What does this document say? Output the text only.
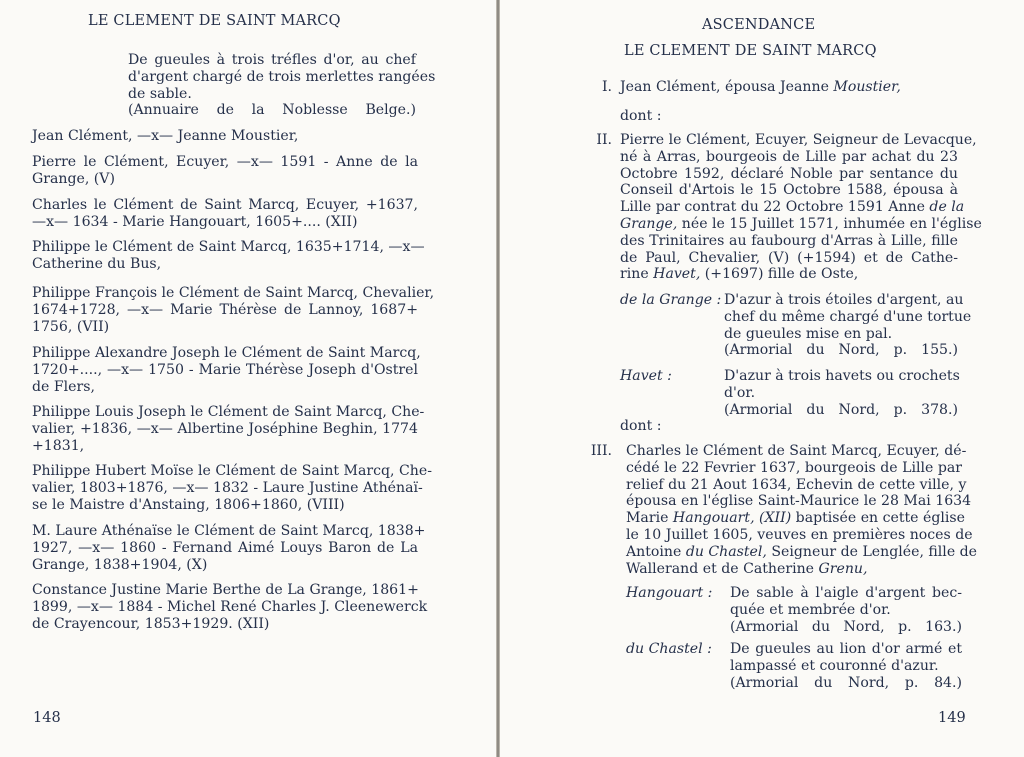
LE CLEMENT DE SAINT MARCQ
De gueules à trois tréfles d'or, au chef
d'argent chargé de trois merlettes rangées
de sable.
(Annuaire de la Noblesse Belge.)
Jean Clément, —x— Jeanne Moustier,
Pierre le Clément, Ecuyer, —x— 1591 - Anne de la
Grange, (V)
Charles le Clément de Saint Marcq, Ecuyer, +1637,
—x— 1634 - Marie Hangouart, 1605+.... (XII)
Philippe le Clément de Saint Marcq, 1635+1714, —x—
Catherine du Bus,
Philippe François le Clément de Saint Marcq, Chevalier,
1674+1728, —x— Marie Thérèse de Lannoy, 1687+
1756, (VII)
Philippe Alexandre Joseph le Clément de Saint Marcq,
1720+...., —x— 1750 - Marie Thérèse Joseph d'Ostrel
de Flers,
Philippe Louis Joseph le Clément de Saint Marcq, Che-
valier, +1836, —x— Albertine Joséphine Beghin, 1774
+1831,
Philippe Hubert Moïse le Clément de Saint Marcq, Che-
valier, 1803+1876, —x— 1832 - Laure Justine Athénaï-
se le Maistre d'Anstaing, 1806+1860, (VIII)
M. Laure Athénaïse le Clément de Saint Marcq, 1838+
1927, —x— 1860 - Fernand Aimé Louys Baron de La
Grange, 1838+1904, (X)
Constance Justine Marie Berthe de La Grange, 1861+
1899, —x— 1884 - Michel René Charles J. Cleenewerck
de Crayencour, 1853+1929. (XII)
148
ASCENDANCE
LE CLEMENT DE SAINT MARCQ
I. Jean Clément, épousa Jeanne Moustier,
dont :
II. Pierre le Clément, Ecuyer, Seigneur de Levacque,
né à Arras, bourgeois de Lille par achat du 23
Octobre 1592, déclaré Noble par sentance du
Conseil d'Artois le 15 Octobre 1588, épousa à
Lille par contrat du 22 Octobre 1591 Anne de la
Grange, née le 15 Juillet 1571, inhumée en l'église
des Trinitaires au faubourg d'Arras à Lille, fille
de Paul, Chevalier, (V) (+1594) et de Cathe-
rine Havet, (+1697) fille de Oste,
de la Grange : D'azur à trois étoiles d'argent, au
chef du même chargé d'une tortue
de gueules mise en pal.
(Armorial du Nord, p. 155.)
Havet :	D'azur à trois havets ou crochets
d'or.
(Armorial du Nord, p. 378.)
dont :
III. Charles le Clément de Saint Marcq, Ecuyer, dé-
cédé le 22 Fevrier 1637, bourgeois de Lille par
relief du 21 Aout 1634, Echevin de cette ville, y
épousa en l'église Saint-Maurice le 28 Mai 1634
Marie Hangouart, (XII) baptisée en cette église
le 10 Juillet 1605, veuves en premières noces de
Antoine du Chastel, Seigneur de Lenglée, fille de
Wallerand et de Catherine Grenu,
Hangouart : De sable à l'aigle d'argent bec-
quée et membrée d'or.
(Armorial du Nord, p. 163.)
du Chastel : De gueules au lion d'or armé et
lampassé et couronné d'azur.
(Armorial du Nord, p. 84.)
149
